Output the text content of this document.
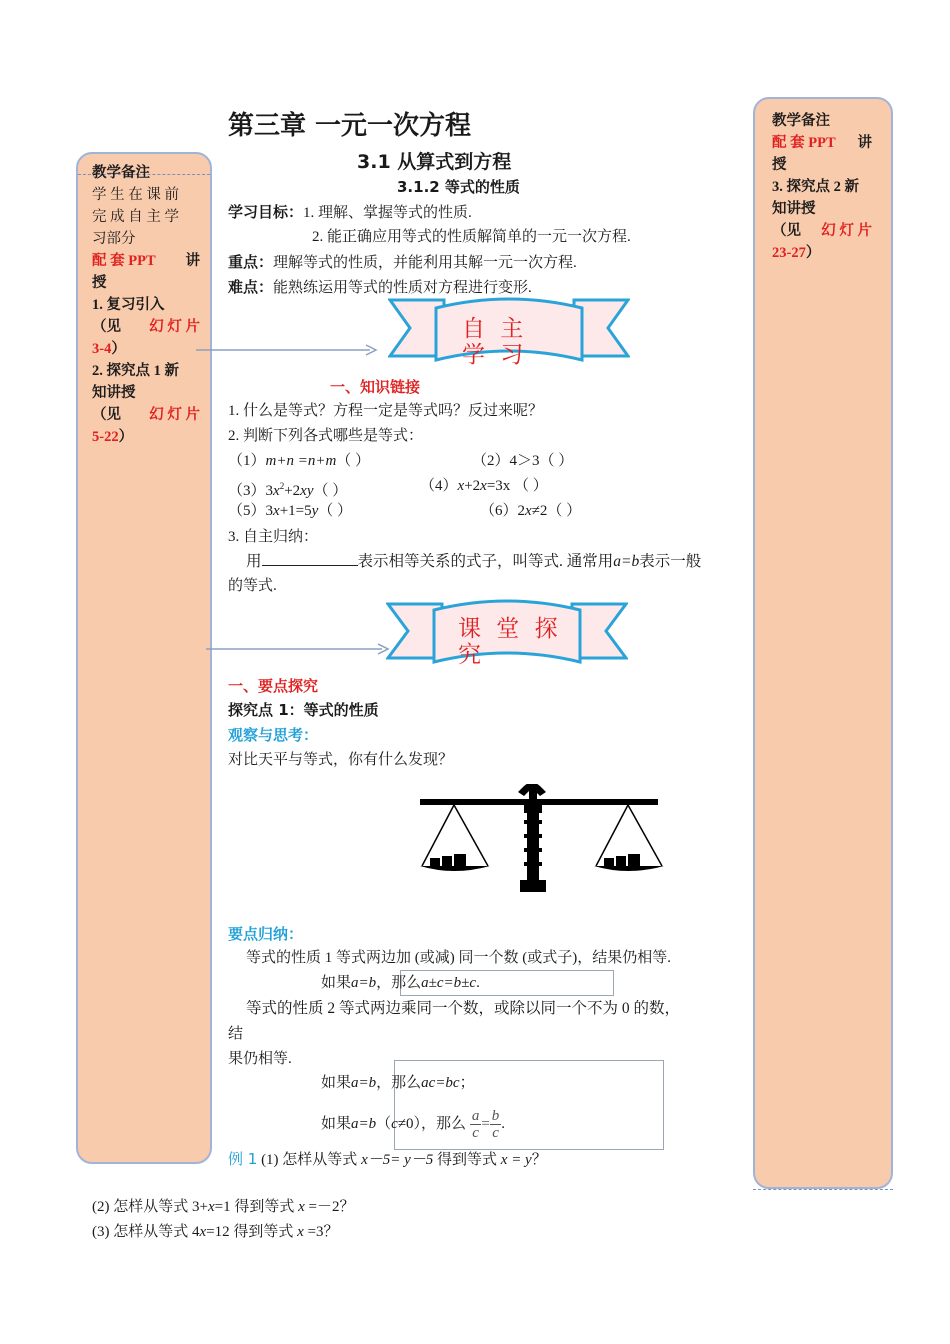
教学备注

学 生 在 课 前

完 成 自 主 学

习部分

配 套 PPT 讲

授

1. 复习引入

（见 幻 灯 片

3-4）

2. 探究点 1 新

知讲授

（见 幻 灯 片

5-22）

教学备注

配 套 PPT 讲

授

3. 探究点 2 新

知讲授

（见 幻 灯 片

23-27）

第三章 一元一次方程
3.1 从算式到方程
3.1.2 等式的性质
学习目标：1. 理解、掌握等式的性质.
2. 能正确应用等式的性质解简单的一元一次方程.
重点：理解等式的性质，并能利用其解一元一次方程.
难点：能熟练运用等式的性质对方程进行变形.
自 主 学 习
一、知识链接
1. 什么是等式？方程一定是等式吗？反过来呢？
2. 判断下列各式哪些是等式：
（1）m+n =n+m（ ）	（2）4＞3（ ）
$(3)3x^2+2xy$（ ）	（4）x+2x=3x （ ）
（5）3x+1=5y（ ）	（6）2x≠2（ ）
3. 自主归纳：
用	表示相等关系的式子，叫等式. 通常用a=b表示一般
的等式.
课 堂 探 究
一、要点探究
探究点 1：等式的性质
观察与思考：
对比天平与等式，你有什么发现？
要点归纳：
等式的性质 1 等式两边加 (或减) 同一个数 (或式子)，结果仍相等.
如果a=b，那么a±c=b±c.
等式的性质 2 等式两边乘同一个数，或除以同一个不为 0 的数，
结
果仍相等.
如果a=b，那么ac=bc；
如果a=b（c≠0），那么 $\frac{a}{c} = \frac{b}{c}$ .
例 1 (1) 怎样从等式 x－5= y－5 得到等式 x = y？
(2) 怎样从等式 3+x=1 得到等式 x =－2？
(3) 怎样从等式 4x=12 得到等式 x =3？
